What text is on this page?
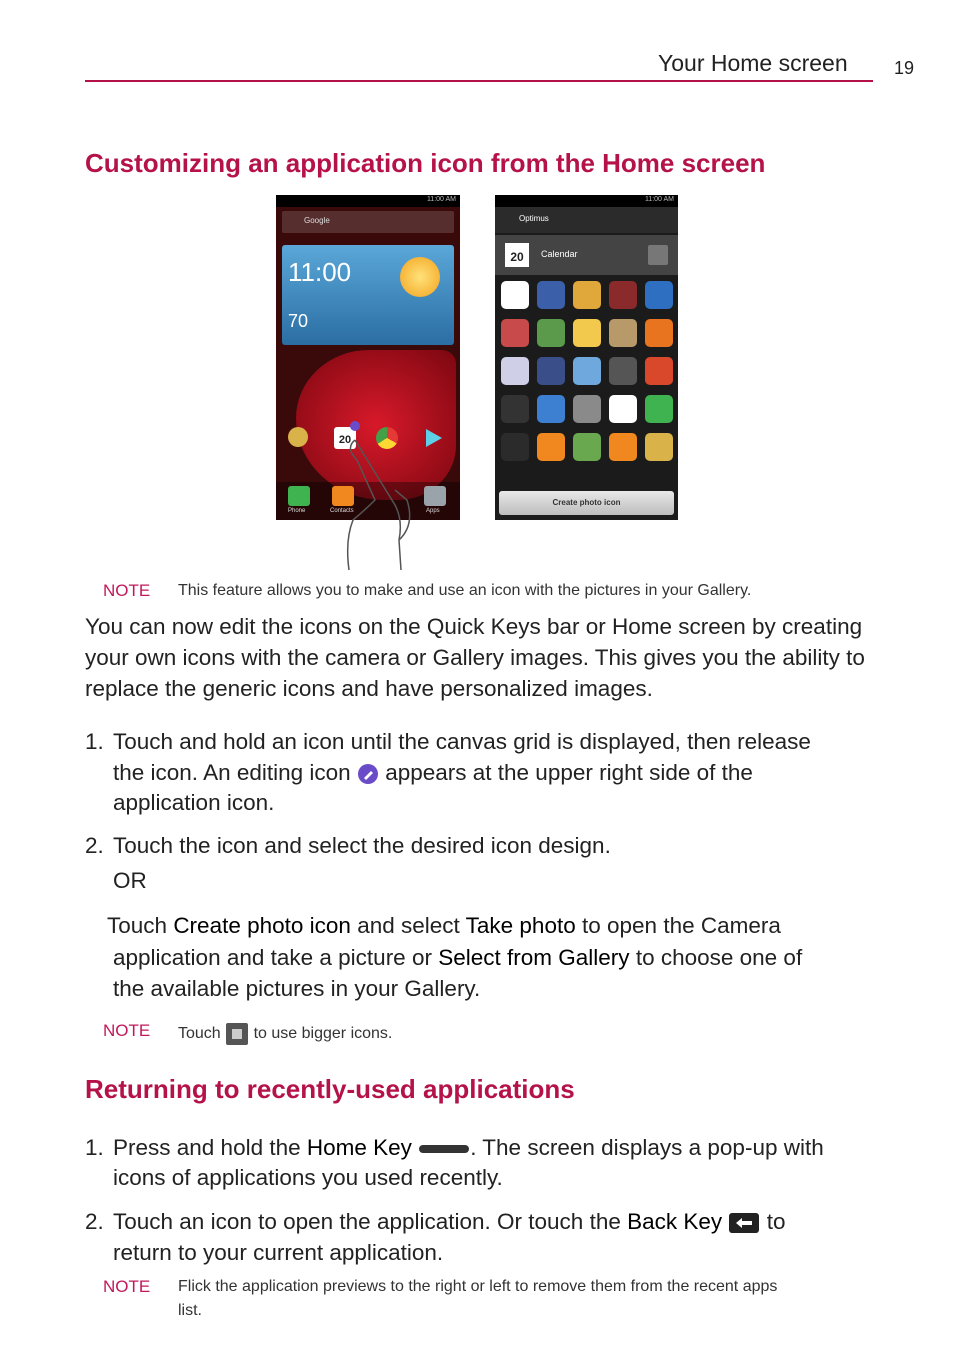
Your Home screen	19
Customizing an application icon from the Home screen
11:00 AM
Google
11:00
70
20
Phone	Contacts	Apps
11:00 AM
Optimus
20	Calendar
Create photo icon
NOTE This feature allows you to make and use an icon with the pictures in your Gallery.
You can now edit the icons on the Quick Keys bar or Home screen by creating your own icons with the camera or Gallery images. This gives you the ability to replace the generic icons and have personalized images.
1. Touch and hold an icon until the canvas grid is displayed, then release
the icon. An editing icon appears at the upper right side of the
application icon.
2. Touch the icon and select the desired icon design.
OR
Touch Create photo icon and select Take photo to open the Camera
application and take a picture or Select from Gallery to choose one of
the available pictures in your Gallery.
NOTE Touch to use bigger icons.
Returning to recently-used applications
1. Press and hold the Home Key	. The screen displays a pop-up with
icons of applications you used recently.
2. Touch an icon to open the application. Or touch the Back Key to
return to your current application.
NOTE Flick the application previews to the right or left to remove them from the recent apps
list.
